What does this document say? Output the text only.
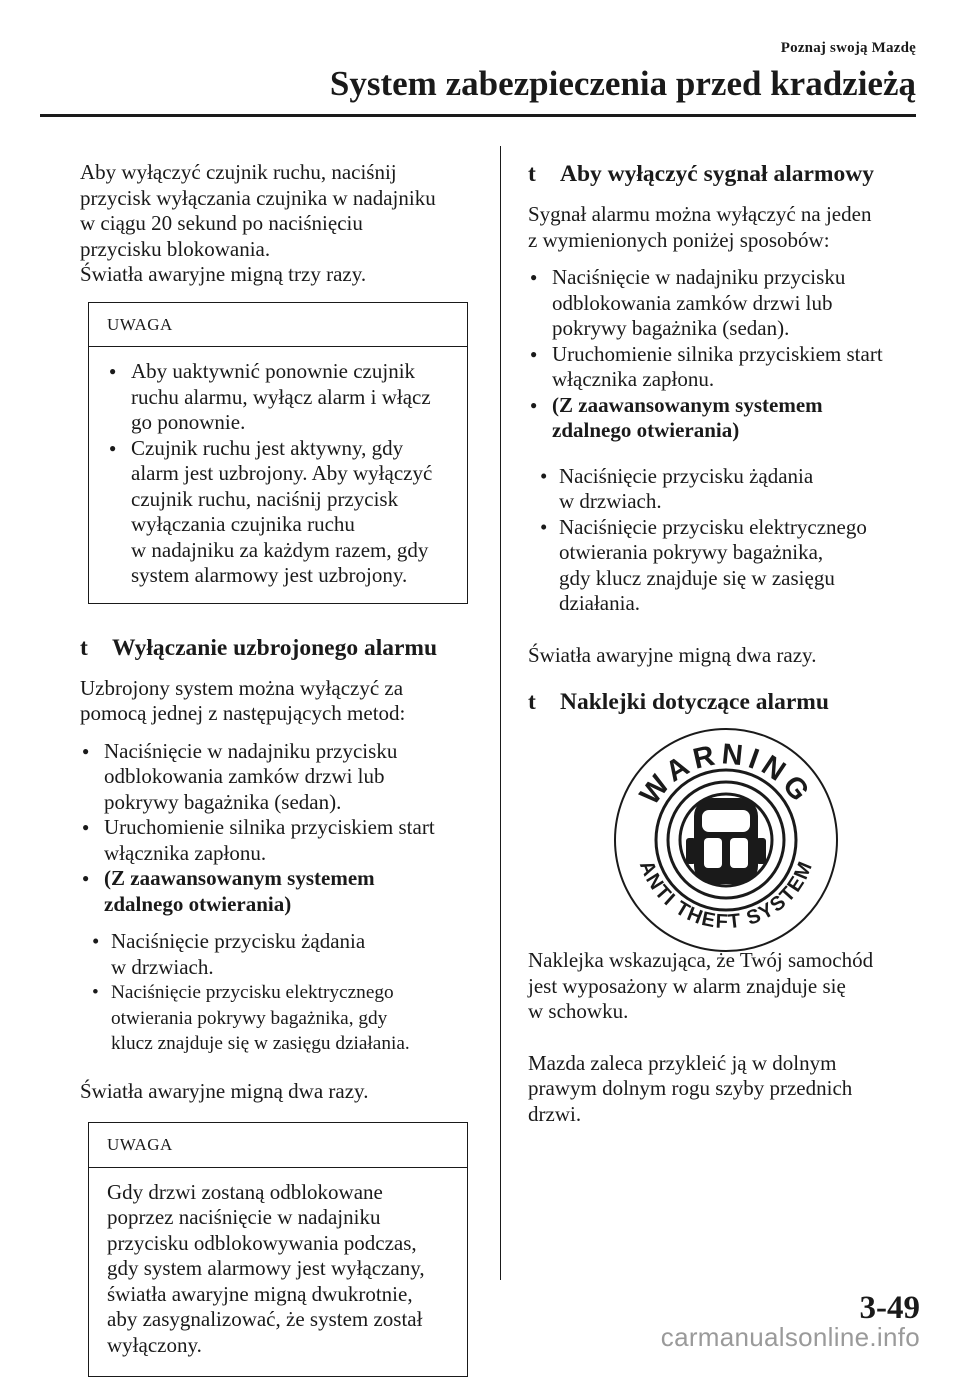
Poznaj swoją Mazdę
System zabezpieczenia przed kradzieżą

Aby wyłączyć czujnik ruchu, naciśnij

przycisk wyłączania czujnika w nadajniku

w ciągu 20 sekund po naciśnięciu

przycisku blokowania.

Światła awaryjne migną trzy razy.

UWAGA

● Aby uaktywnić ponownie czujnik

ruchu alarmu, wyłącz alarm i włącz

go ponownie.

● Czujnik ruchu jest aktywny, gdy

alarm jest uzbrojony. Aby wyłączyć

czujnik ruchu, naciśnij przycisk

wyłączania czujnika ruchu

w nadajniku za każdym razem, gdy

system alarmowy jest uzbrojony.

t Wyłączanie uzbrojonego alarmu

Uzbrojony system można wyłączyć za

pomocą jednej z następujących metod:

● Naciśnięcie w nadajniku przycisku

odblokowania zamków drzwi lub

pokrywy bagażnika (sedan).

● Uruchomienie silnika przyciskiem start

włącznika zapłonu.

● (Z zaawansowanym systemem

zdalnego otwierania)

• Naciśnięcie przycisku żądania

w drzwiach.

• Naciśnięcie przycisku elektrycznego

otwierania pokrywy bagażnika, gdy

klucz znajduje się w zasięgu działania.

Światła awaryjne migną dwa razy.

UWAGA

Gdy drzwi zostaną odblokowane

poprzez naciśnięcie w nadajniku

przycisku odblokowywania podczas,

gdy system alarmowy jest wyłączany,

światła awaryjne migną dwukrotnie,

aby zasygnalizować, że system został

wyłączony.

t Aby wyłączyć sygnał alarmowy

Sygnał alarmu można wyłączyć na jeden

z wymienionych poniżej sposobów:

● Naciśnięcie w nadajniku przycisku

odblokowania zamków drzwi lub

pokrywy bagażnika (sedan).

● Uruchomienie silnika przyciskiem start

włącznika zapłonu.

● (Z zaawansowanym systemem

zdalnego otwierania)

• Naciśnięcie przycisku żądania

w drzwiach.

• Naciśnięcie przycisku elektrycznego

otwierania pokrywy bagażnika,

gdy klucz znajduje się w zasięgu

działania.

Światła awaryjne migną dwa razy.

t Naklejki dotyczące alarmu
WARNING
ANTI THEFT SYSTEM

Naklejka wskazująca, że Twój samochód

jest wyposażony w alarm znajduje się

w schowku.

Mazda zaleca przykleić ją w dolnym

prawym dolnym rogu szyby przednich

drzwi.

3-49
carmanualsonline.info
